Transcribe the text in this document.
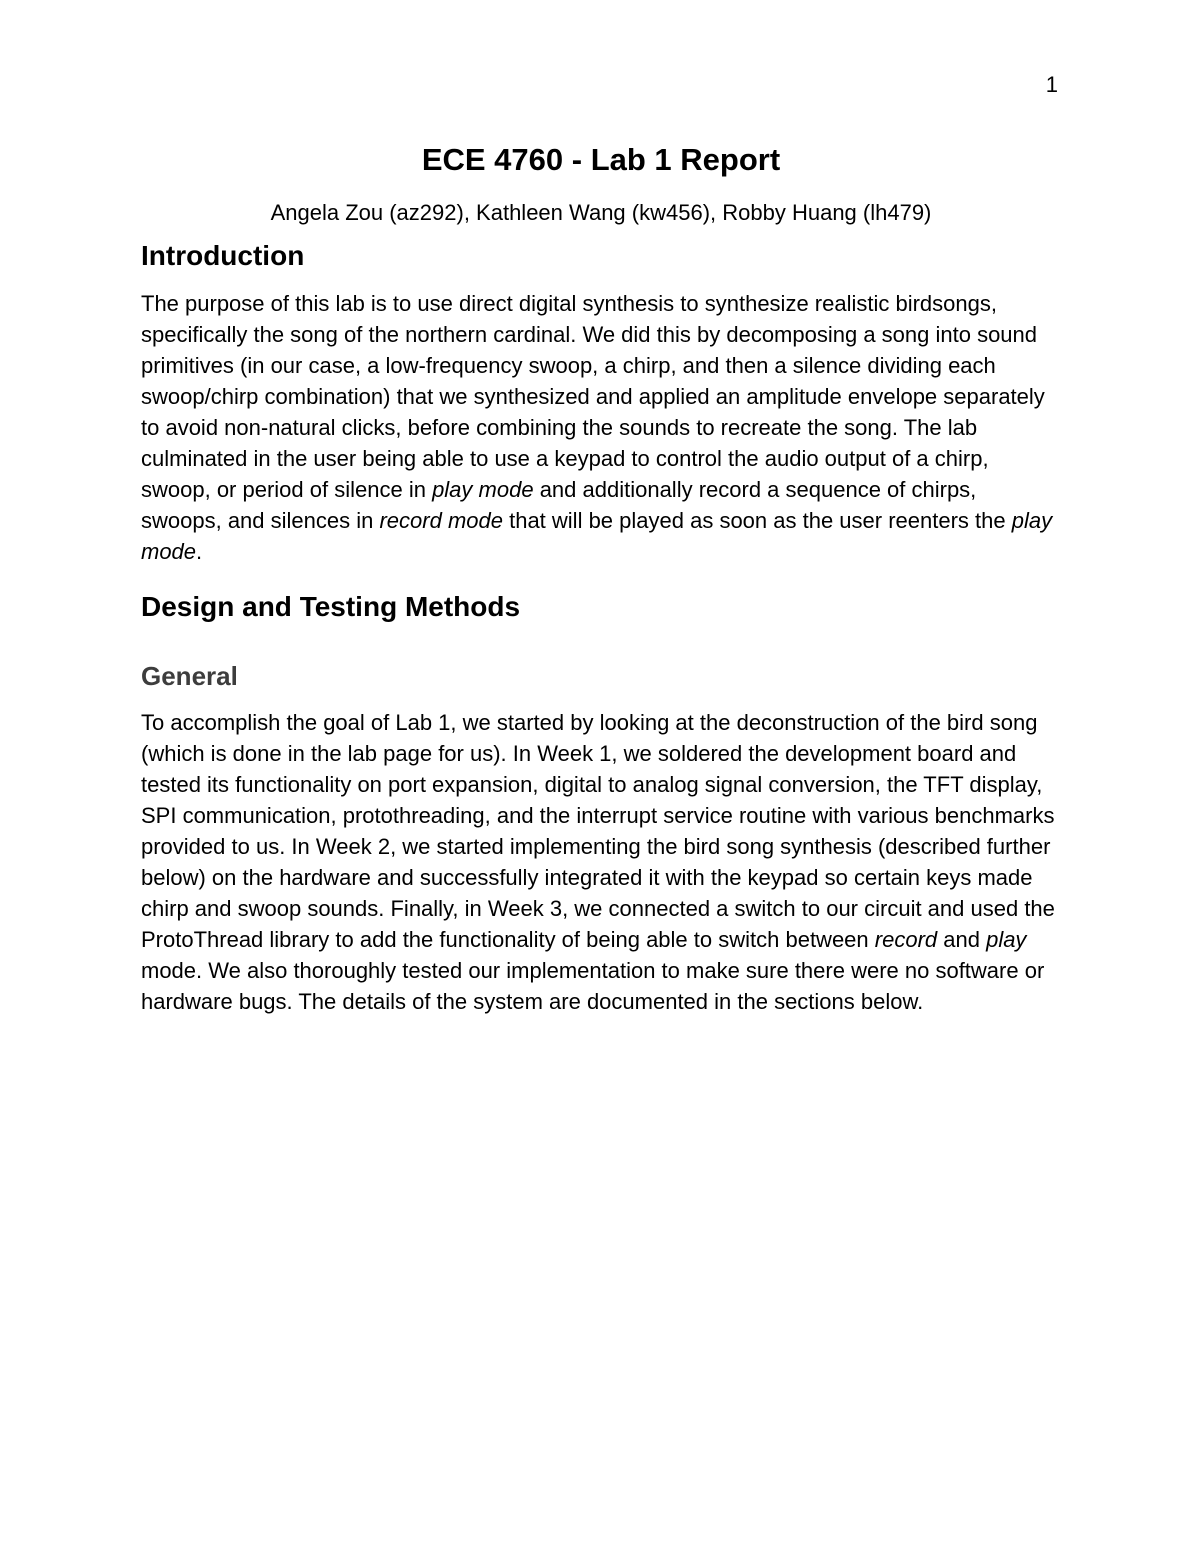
1
ECE 4760 - Lab 1 Report

Angela Zou (az292), Kathleen Wang (kw456), Robby Huang (lh479)

Introduction

The purpose of this lab is to use direct digital synthesis to synthesize realistic birdsongs, specifically the song of the northern cardinal. We did this by decomposing a song into sound primitives (in our case, a low-frequency swoop, a chirp, and then a silence dividing each swoop/chirp combination) that we synthesized and applied an amplitude envelope separately to avoid non-natural clicks, before combining the sounds to recreate the song. The lab culminated in the user being able to use a keypad to control the audio output of a chirp, swoop, or period of silence in play mode and additionally record a sequence of chirps, swoops, and silences in record mode that will be played as soon as the user reenters the play mode.

Design and Testing Methods
General

To accomplish the goal of Lab 1, we started by looking at the deconstruction of the bird song (which is done in the lab page for us). In Week 1, we soldered the development board and tested its functionality on port expansion, digital to analog signal conversion, the TFT display, SPI communication, protothreading, and the interrupt service routine with various benchmarks provided to us. In Week 2, we started implementing the bird song synthesis (described further below) on the hardware and successfully integrated it with the keypad so certain keys made chirp and swoop sounds. Finally, in Week 3, we connected a switch to our circuit and used the ProtoThread library to add the functionality of being able to switch between record and play mode. We also thoroughly tested our implementation to make sure there were no software or hardware bugs. The details of the system are documented in the sections below.
